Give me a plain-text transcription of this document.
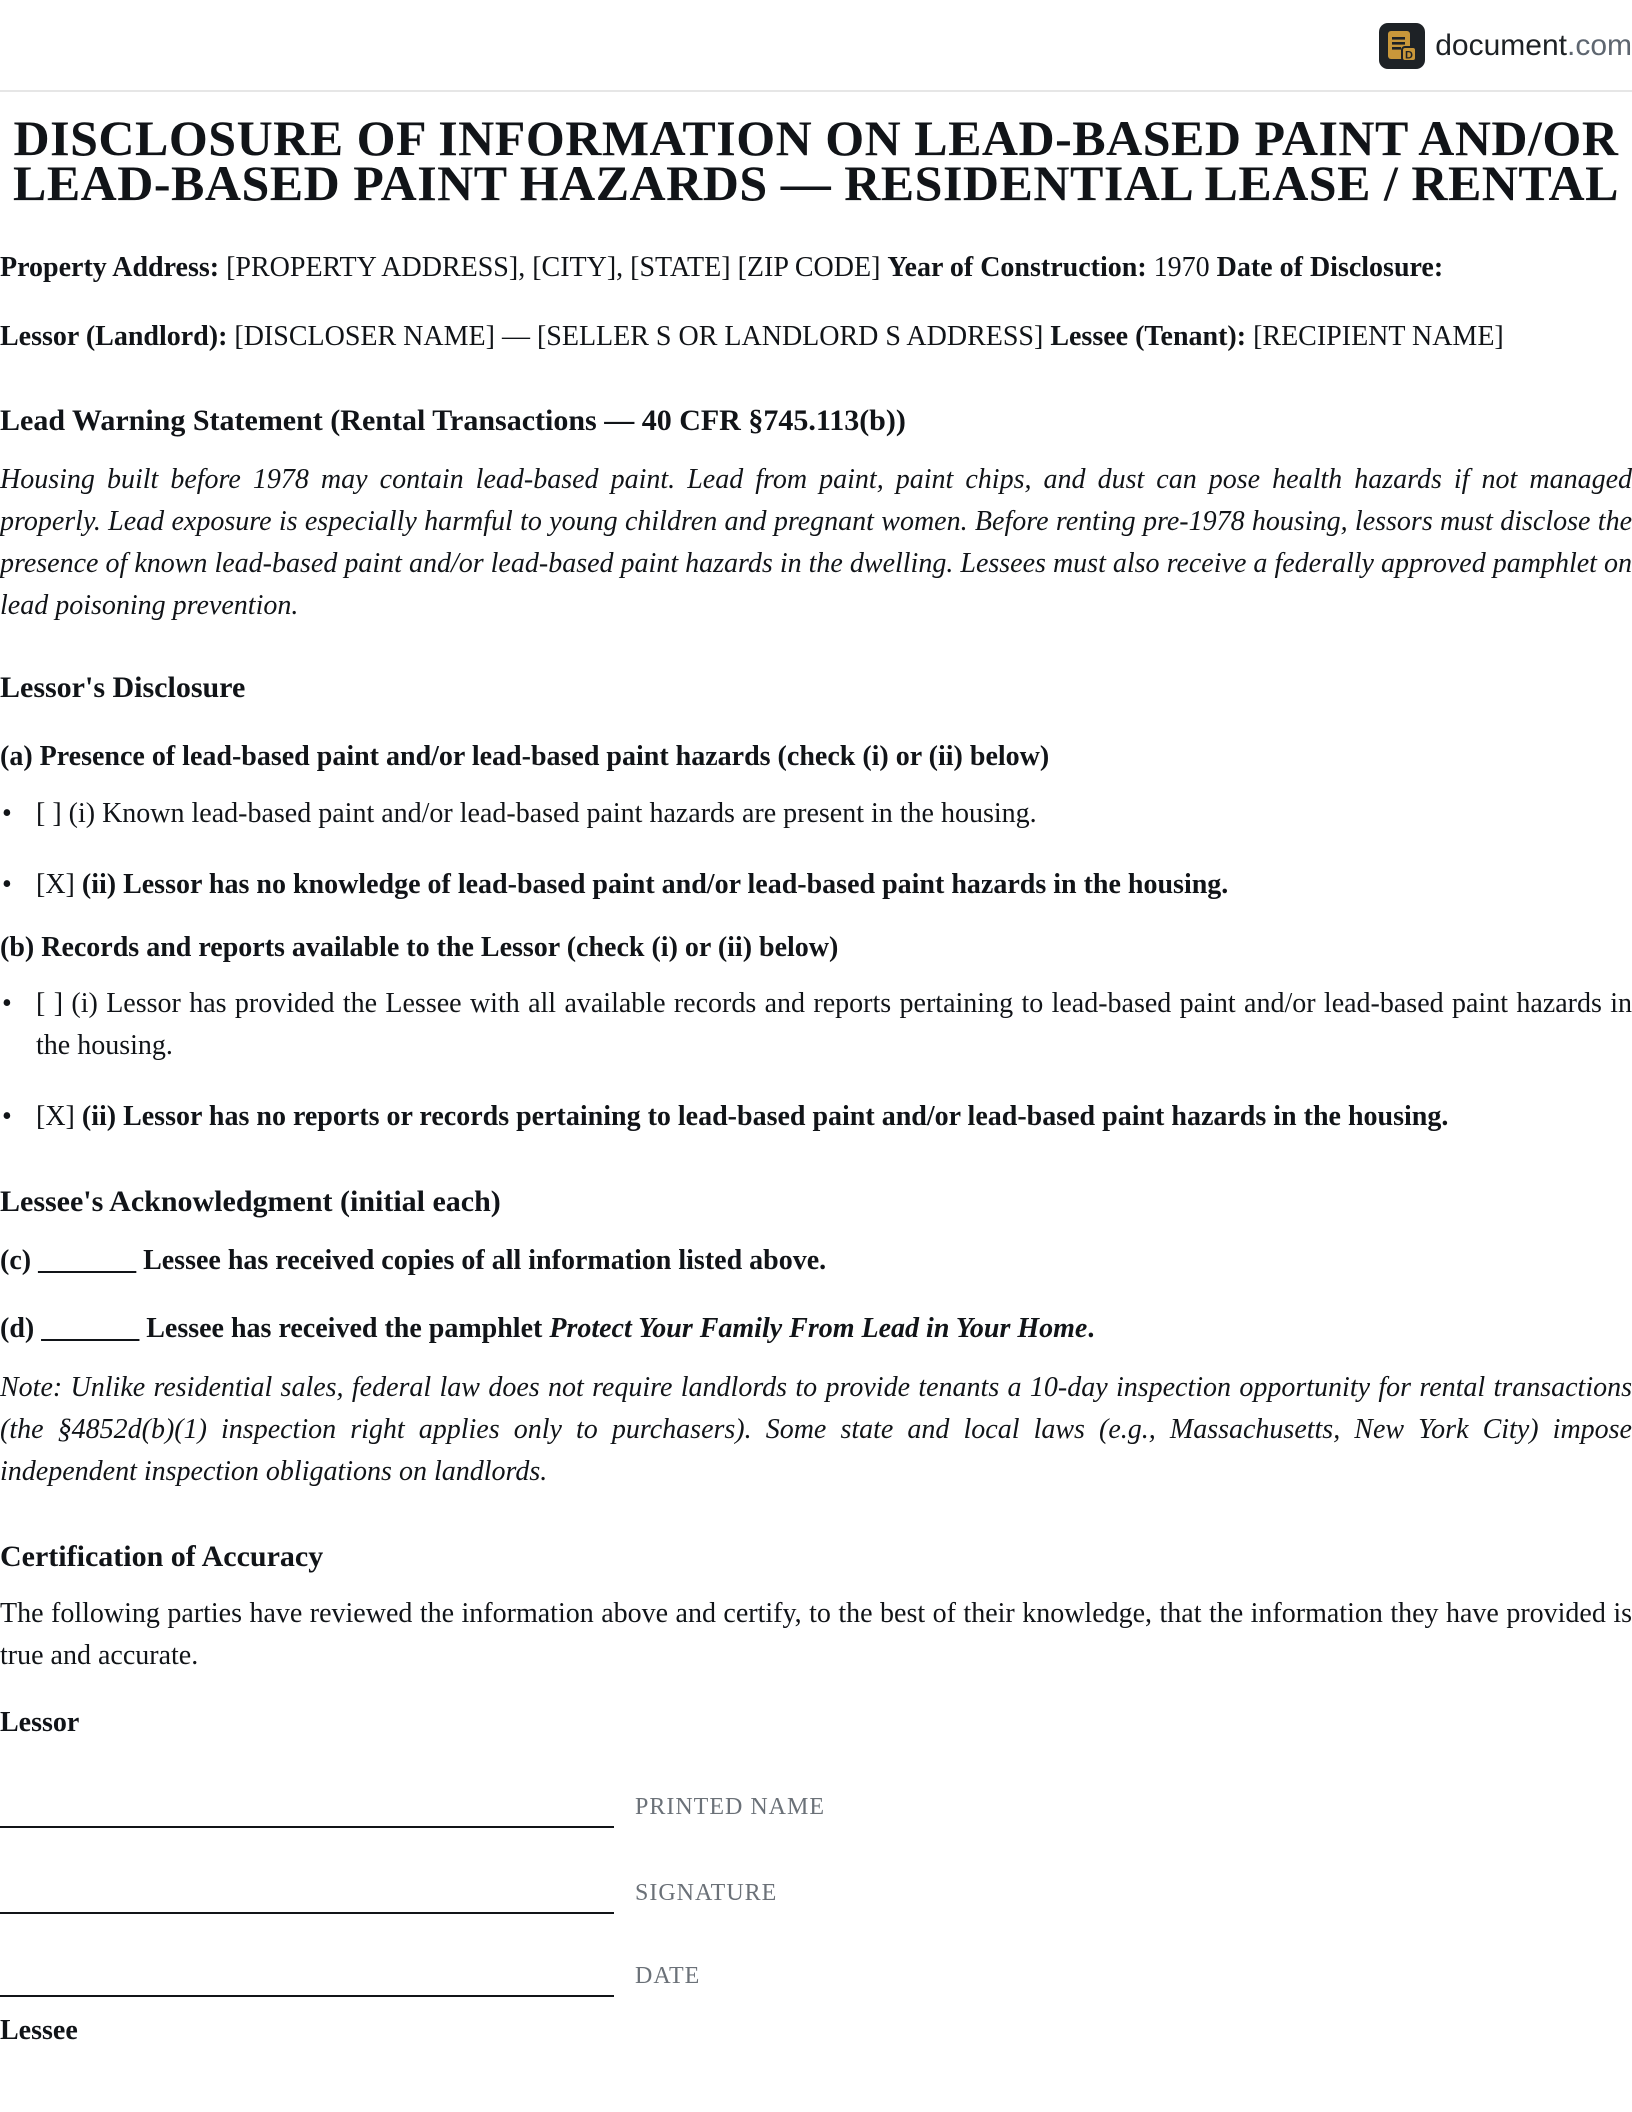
D document.com
DISCLOSURE OF INFORMATION ON LEAD-BASED PAINT AND/OR
LEAD-BASED PAINT HAZARDS — RESIDENTIAL LEASE / RENTAL

Property Address: [PROPERTY ADDRESS], [CITY], [STATE] [ZIP CODE] Year of Construction: 1970 Date of Disclosure:

Lessor (Landlord): [DISCLOSER NAME] — [SELLER S OR LANDLORD S ADDRESS] Lessee (Tenant): [RECIPIENT NAME]

Lead Warning Statement (Rental Transactions — 40 CFR §745.113(b))

Housing built before 1978 may contain lead-based paint. Lead from paint, paint chips, and dust can pose health hazards if not managed properly. Lead exposure is especially harmful to young children and pregnant women. Before renting pre-1978 housing, lessors must disclose the presence of known lead-based paint and/or lead-based paint hazards in the dwelling. Lessees must also receive a federally approved pamphlet on lead poisoning prevention.

Lessor's Disclosure

(a) Presence of lead-based paint and/or lead-based paint hazards (check (i) or (ii) below)

• [ ] (i) Known lead-based paint and/or lead-based paint hazards are present in the housing.
• [X] (ii) Lessor has no knowledge of lead-based paint and/or lead-based paint hazards in the housing.

(b) Records and reports available to the Lessor (check (i) or (ii) below)

• [ ] (i) Lessor has provided the Lessee with all available records and reports pertaining to lead-based paint and/or lead-based paint hazards in the housing.
• [X] (ii) Lessor has no reports or records pertaining to lead-based paint and/or lead-based paint hazards in the housing.

Lessee's Acknowledgment (initial each)

(c) _______ Lessee has received copies of all information listed above.

(d) _______ Lessee has received the pamphlet Protect Your Family From Lead in Your Home.

Note: Unlike residential sales, federal law does not require landlords to provide tenants a 10-day inspection opportunity for rental transactions (the §4852d(b)(1) inspection right applies only to purchasers). Some state and local laws (e.g., Massachusetts, New York City) impose independent inspection obligations on landlords.

Certification of Accuracy

The following parties have reviewed the information above and certify, to the best of their knowledge, that the information they have provided is true and accurate.

Lessor

PRINTED NAME
SIGNATURE
DATE

Lessee
